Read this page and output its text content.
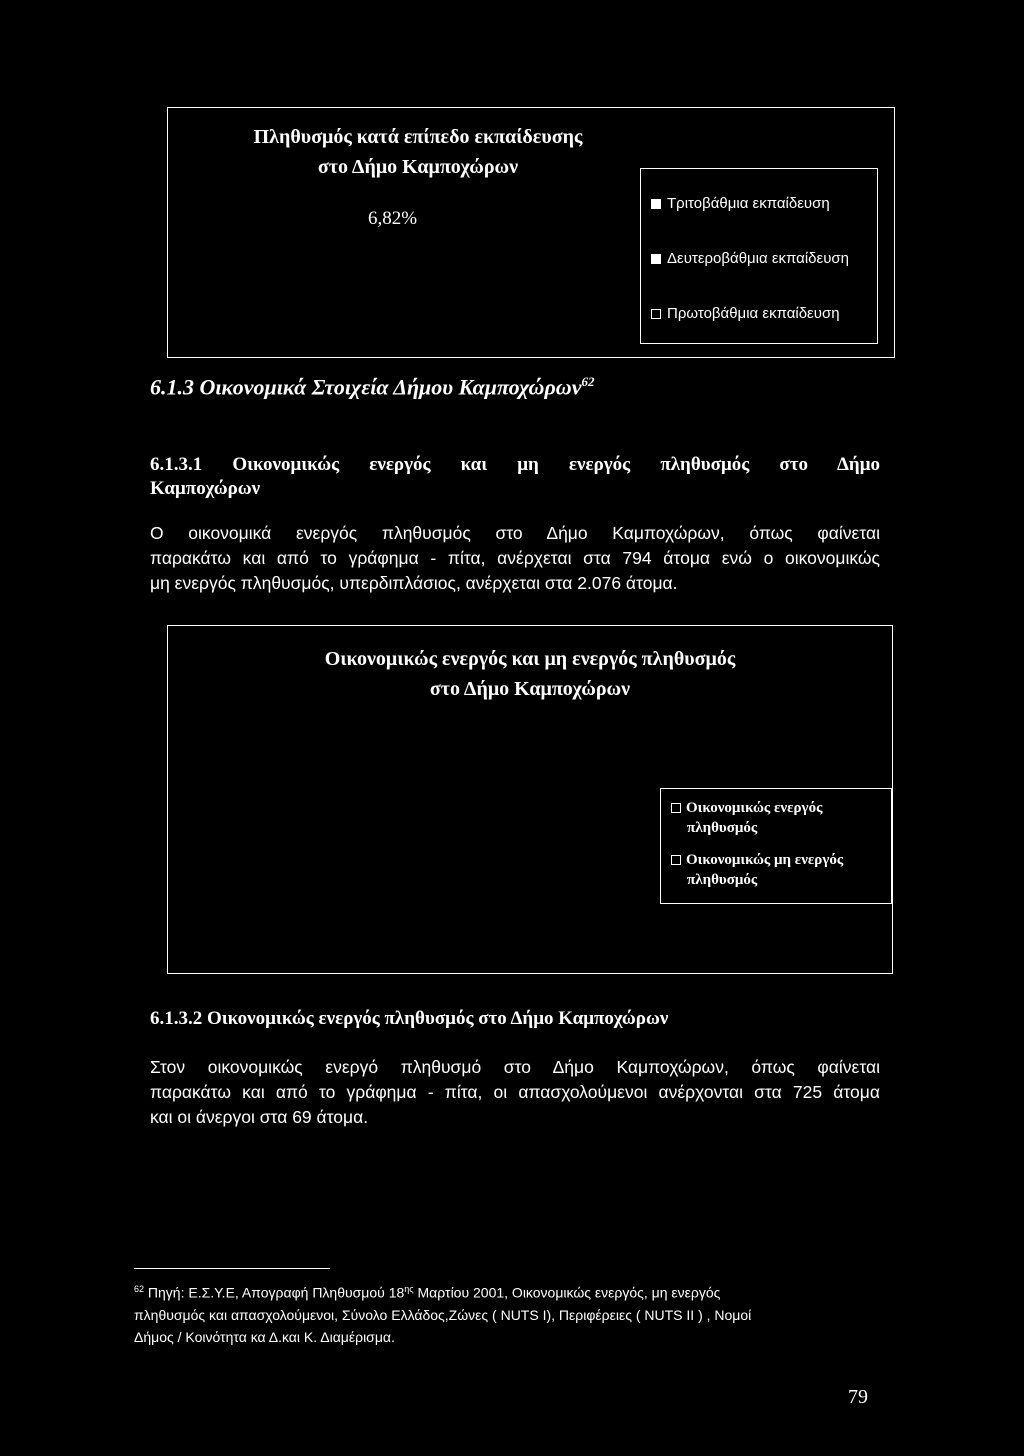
Πληθυσμός κατά επίπεδο εκπαίδευσης
στο Δήμο Καμποχώρων
6,82%
Τριτοβάθμια εκπαίδευση
Δευτεροβάθμια εκπαίδευση
Πρωτοβάθμια εκπαίδευση
6.1.3 Οικονομικά Στοιχεία Δήμου Καμποχώρων$^{62}$
6.1.3.1 Οικονομικώς ενεργός και μη ενεργός πληθυσμός στο Δήμο
Καμποχώρων
Ο οικονομικά ενεργός πληθυσμός στο Δήμο Καμποχώρων, όπως φαίνεται
παρακάτω και από το γράφημα - πίτα, ανέρχεται στα 794 άτομα ενώ ο οικονομικώς
μη ενεργός πληθυσμός, υπερδιπλάσιος, ανέρχεται στα 2.076 άτομα.
Οικονομικώς ενεργός και μη ενεργός πληθυσμός
στο Δήμο Καμποχώρων
Οικονομικώς ενεργός
πληθυσμός
Οικονομικώς μη ενεργός
πληθυσμός
6.1.3.2 Οικονομικώς ενεργός πληθυσμός στο Δήμο Καμποχώρων
Στον οικονομικώς ενεργό πληθυσμό στο Δήμο Καμποχώρων, όπως φαίνεται
παρακάτω και από το γράφημα - πίτα, οι απασχολούμενοι ανέρχονται στα 725 άτομα
και οι άνεργοι στα 69 άτομα.
$^{62}$ Πηγή: Ε.Σ.Υ.Ε, Απογραφή Πληθυσμού $18^{\eta\varsigma}$ Μαρτίου 2001, Οικονομικώς ενεργός, μη ενεργός
πληθυσμός και απασχολούμενοι, Σύνολο Ελλάδος,Ζώνες ( NUTS I), Περιφέρειες ( NUTS II ) , Νομοί
Δήμος / Κοινότητα κα Δ.και Κ. Διαμέρισμα.
79
